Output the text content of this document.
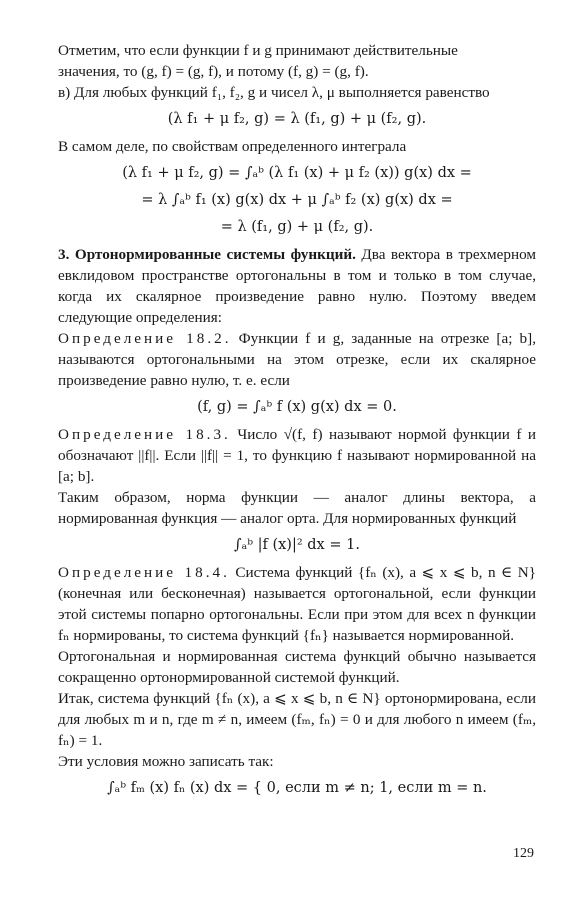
Отметим, что если функции f и g принимают действительные

значения, то (g, f) = (g, f), и потому (f, g) = (g, f).

в) Для любых функций f₁, f₂, g и чисел λ, μ выполняется равенство

(λ f₁ + μ f₂, g) = λ (f₁, g) + μ (f₂, g).

В самом деле, по свойствам определенного интеграла

(λ f₁ + μ f₂, g) = ∫ₐᵇ (λ f₁ (x) + μ f₂ (x)) g(x) dx =
= λ ∫ₐᵇ f₁ (x) g(x) dx + μ ∫ₐᵇ f₂ (x) g(x) dx =
= λ (f₁, g) + μ (f₂, g).

3. Ортонормированные системы функций. Два вектора в трехмерном евклидовом пространстве ортогональны в том и только в том случае, когда их скалярное произведение равно нулю. Поэтому введем следующие определения:

Определение 18.2. Функции f и g, заданные на отрезке [a; b], называются ортогональными на этом отрезке, если их скалярное произведение равно нулю, т. е. если

(f, g) = ∫ₐᵇ f (x) g(x) dx = 0.

Определение 18.3. Число √(f, f) называют нормой функции f и обозначают ||f||. Если ||f|| = 1, то функцию f называют нормированной на [a; b].

Таким образом, норма функции — аналог длины вектора, а нормированная функция — аналог орта. Для нормированных функций

∫ₐᵇ |f (x)|² dx = 1.

Определение 18.4. Система функций {fₙ (x), a ⩽ x ⩽ b, n ∈ N} (конечная или бесконечная) называется ортогональной, если функции этой системы попарно ортогональны. Если при этом для всех n функции fₙ нормированы, то система функций {fₙ} называется нормированной.

Ортогональная и нормированная система функций обычно называется сокращенно ортонормированной системой функций.

Итак, система функций {fₙ (x), a ⩽ x ⩽ b, n ∈ N} ортонормирована, если для любых m и n, где m ≠ n, имеем (fₘ, fₙ) = 0 и для любого n имеем (fₘ, fₙ) = 1.

Эти условия можно записать так:

∫ₐᵇ fₘ (x) fₙ (x) dx = { 0, если m ≠ n; 1, если m = n.
129
